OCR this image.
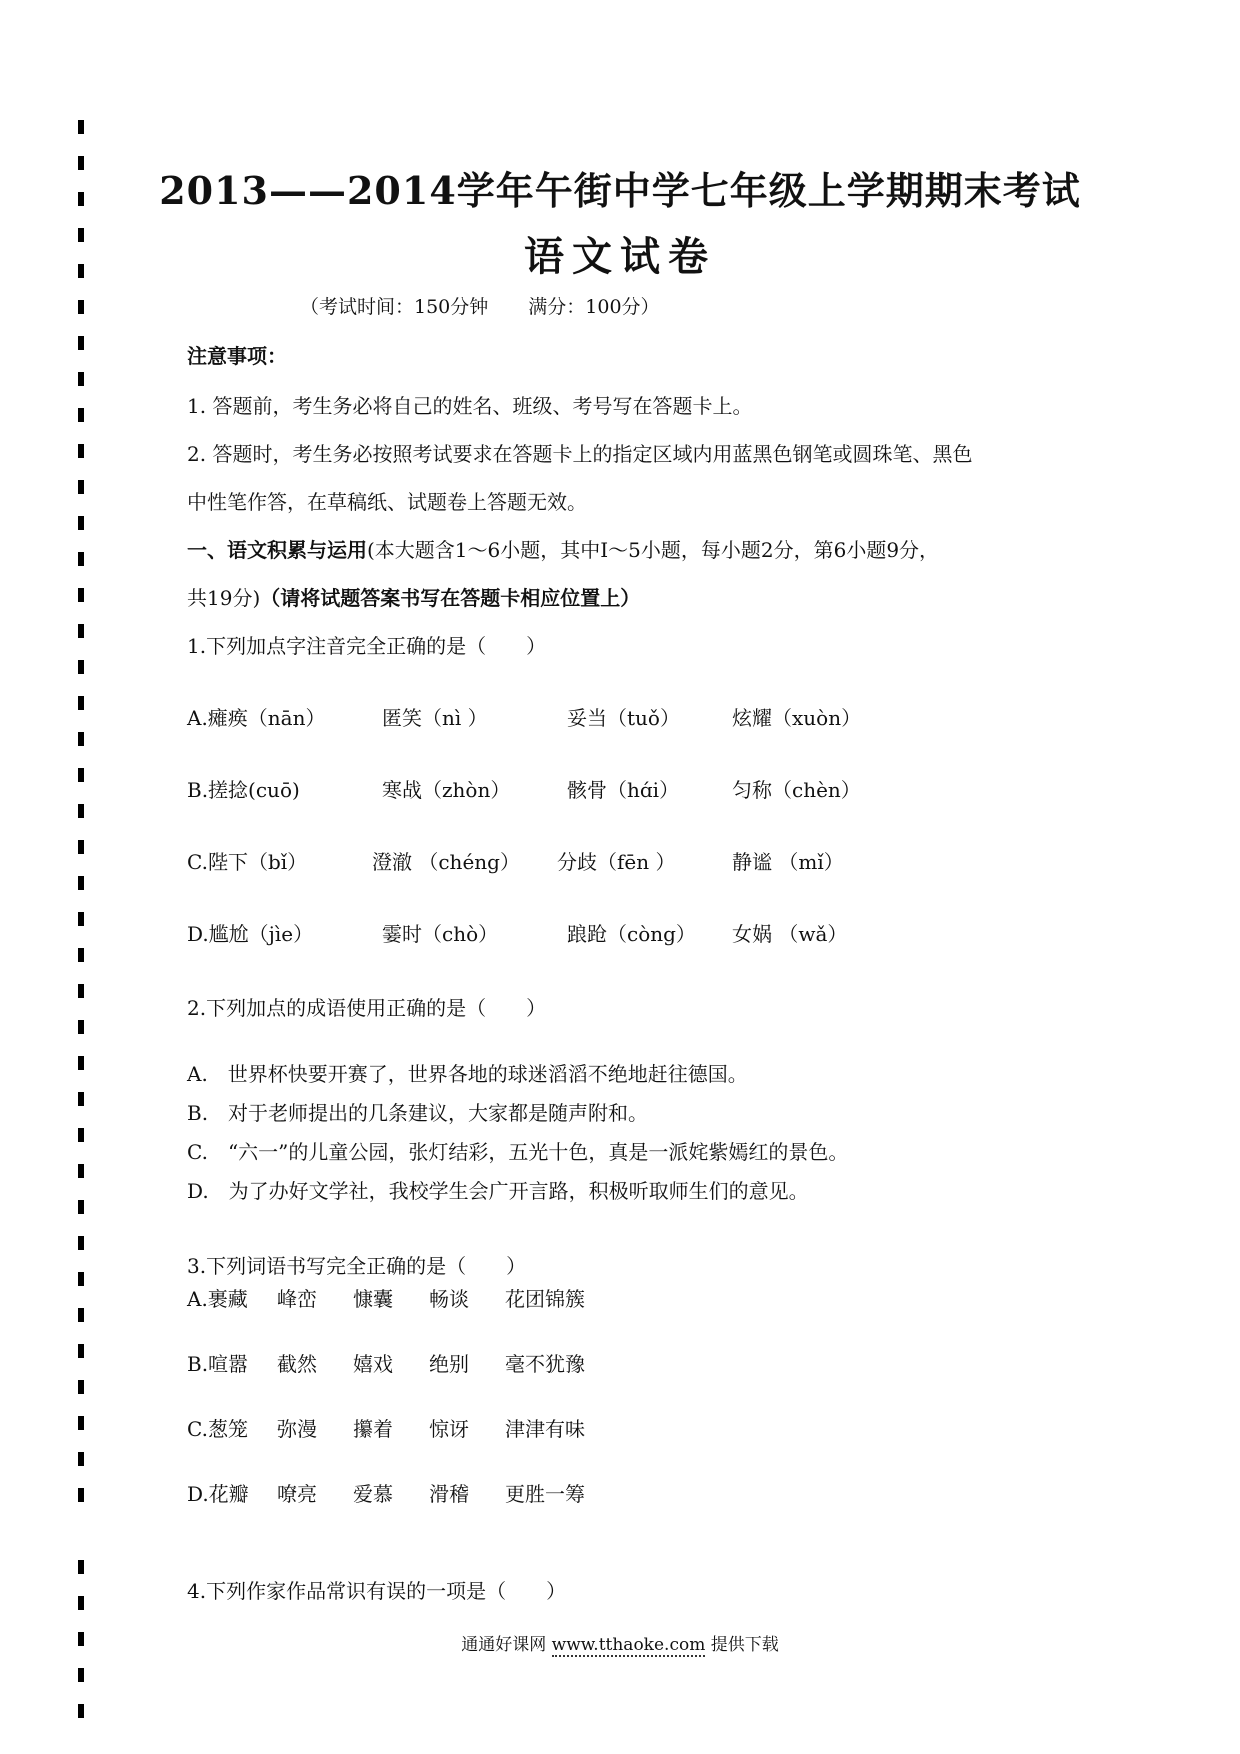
2013——2014学年午街中学七年级上学期期末考试
语文试卷
（考试时间：150分钟 满分：100分）
注意事项：
1. 答题前，考生务必将自己的姓名、班级、考号写在答题卡上。
2. 答题时，考生务必按照考试要求在答题卡上的指定区域内用蓝黑色钢笔或圆珠笔、黑色
中性笔作答，在草稿纸、试题卷上答题无效。
一、语文积累与运用(本大题含1～6小题，其中I～5小题，每小题2分，第6小题9分，
共19分)（请将试题答案书写在答题卡相应位置上）
1.下列加点字注音完全正确的是（　　）
A.瘫痪（nān）	匿笑（nì ）	妥当（tuǒ）	炫耀（xuòn）
B.搓捻(cuō)	寒战（zhòn）	骸骨（hɑ́i）	匀称（chèn）
C.陛下（bǐ）	澄澈 （chéng） 分歧（fēn ）	静谧 （mǐ）
D.尴尬（jìe）	霎时（chò）	踉跄（còng） 女娲 （wǎ）
2.下列加点的成语使用正确的是（　　）
A.　世界杯快要开赛了，世界各地的球迷滔滔不绝地赶往德国。
B.　对于老师提出的几条建议，大家都是随声附和。
C.　“六一”的儿童公园，张灯结彩，五光十色，真是一派姹紫嫣红的景色。
D.　为了办好文学社，我校学生会广开言路，积极听取师生们的意见。
3.下列词语书写完全正确的是（　　）
A.裹藏 峰峦 慷囊 畅谈 花团锦簇
B.喧嚣 截然 嬉戏 绝别 毫不犹豫
C.葱笼 弥漫 攥着 惊讶 津津有味
D.花瓣 嘹亮 爱慕 滑稽 更胜一筹
4.下列作家作品常识有误的一项是（　　）
通通好课网 www.tthaoke.com 提供下载
